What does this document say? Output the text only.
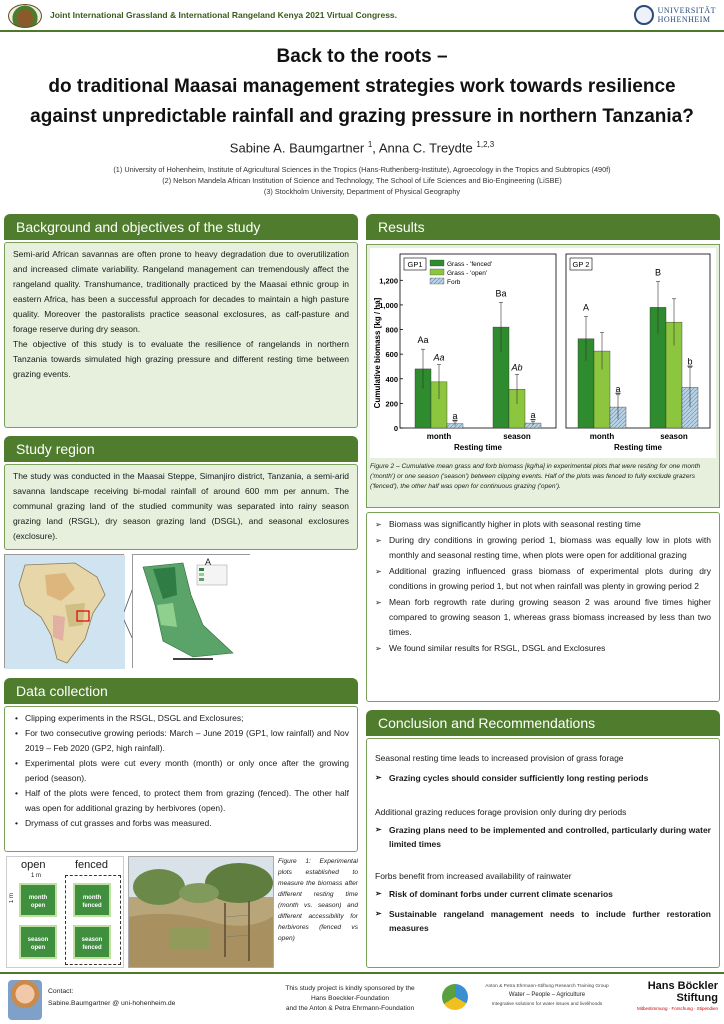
Joint International Grassland & International Rangeland Kenya 2021 Virtual Congress.	UNIVERSITÄT
HOHENHEIM
Back to the roots –
do traditional Maasai management strategies work towards resilience
against unpredictable rainfall and grazing pressure in northern Tanzania?
Sabine A. Baumgartner $^1$, Anna C. Treydte $^{1,2,3}$
(1) University of Hohenheim, Institute of Agricultural Sciences in the Tropics (Hans-Ruthenberg-Institute), Agroecology in the Tropics and Subtropics (490f)
(2) Nelson Mandela African Institution of Science and Technology, The School of Life Sciences and Bio-Engineering (LiSBE)
(3) Stockholm University, Department of Physical Geography
Background and objectives of the study

Semi-arid African savannas are often prone to heavy degradation due to overutilization and increased climate variability. Rangeland management can tremendously affect the rangeland quality. Transhumance, traditionally practiced by the Maasai ethnic group in eastern Africa, has been a successful approach for decades to maintain a high pasture quality. Moreover the pastoralists practice seasonal exclosures, as calf-pasture and forage reserve during dry season.

The objective of this study is to evaluate the resilience of rangelands in northern Tanzania towards simulated high grazing pressure and different resting time between grazing events.

Study region

The study was conducted in the Maasai Steppe, Simanjiro district, Tanzania, a semi-arid savanna landscape receiving bi-modal rainfall of around 600 mm per annum. The communal grazing land of the studied community was separated into rainy season grazing land (RSGL), dry season grazing land (DSGL), and seasonal exclosures (exclosure).

A
Data collection
• Clipping experiments in the RSGL, DSGL and Exclosures;
• For two consecutive growing periods: March – June 2019 (GP1, low rainfall) and Nov 2019 – Feb 2020 (GP2, high rainfall).
• Experimental plots were cut every month (month) or only once after the growing period (season).
• Half of the plots were fenced, to protect them from grazing (fenced). The other half was open for additional grazing by herbivores (open).
• Drymass of cut grasses and forbs was measured.
open	fenced
1 m
1 m	month open
season open
month fenced
season fenced
Figure 1: Experimental plots established to measure the biomass after different resting time (month vs. season) and different accessibility for herbivores (fenced vs open)
Results
Cumulative biomass [kg / ha]
0
200
400
600
800
1,000
1,200
GP1
month
Aa
Aa
a
season
Ba
Ab
a
Resting time
GP 2
month
A
a
season
B
b
Resting time
Grass - 'fenced'
Grass - 'open'
Forb
Figure 2 – Cumulative mean grass and forb biomass [kg/ha] in experimental plots that were resting for one month ('month') or one season ('season') between clipping events. Half of the plots was fenced to fully exclude grazers ('fenced'), the other half was open for continuous grazing ('open').
➢ Biomass was significantly higher in plots with seasonal resting time
➢ During dry conditions in growing period 1, biomass was equally low in plots with monthly and seasonal resting time, when plots were open for additional grazing
➢ Additional grazing influenced grass biomass of experimental plots during dry conditions in growing period 1, but not when rainfall was plenty in growing period 2
➢ Mean forb regrowth rate during growing season 2 was around five times higher compared to growing season 1, whereas grass biomass increased by less than two times.
➢ We found similar results for RSGL, DSGL and Exclosures
Conclusion and Recommendations

Seasonal resting time leads to increased provision of grass forage

➢ Grazing cycles should consider sufficiently long resting periods

Additional grazing reduces forage provision only during dry periods

➢ Grazing plans need to be implemented and controlled, particularly during water limited times

Forbs benefit from increased availability of rainwater

➢ Risk of dominant forbs under current climate scenarios
➢ Sustainable rangeland management needs to include further restoration measures
Contact:
Sabine.Baumgartner @ uni-hohenheim.de
This study project is kindly sponsored by the
Hans Boeckler-Foundation
and the Anton & Petra Ehrmann-Foundation
Anton & Petra Ehrmann-Stiftung Research Training Group
Water – People – Agriculture
Integrative solutions for water issues and livelihoods
Hans Böckler
Stiftung
Mitbestimmung · Forschung · Stipendien
